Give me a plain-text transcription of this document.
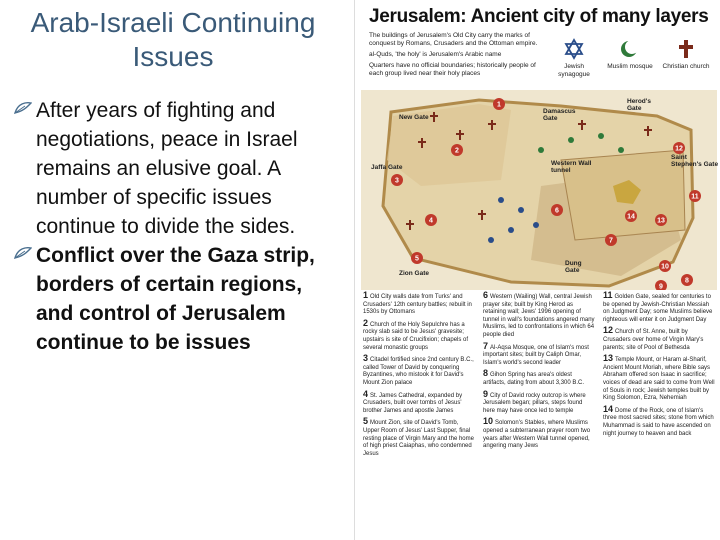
Arab-Israeli Continuing Issues
After years of fighting and negotiations, peace in Israel remains an elusive goal. A number of specific issues continue to divide the sides.
Conflict over the Gaza strip, borders of certain regions, and control of Jerusalem continue to be issues
Jerusalem: Ancient city of many layers
The buildings of Jerusalem's Old City carry the marks of conquest by Romans, Crusaders and the Ottoman empire.
al-Quds, 'the holy' is Jerusalem's Arabic name
Quarters have no official boundaries; historically people of each group lived near their holy places
Jewish synagogue
Muslim mosque	Christian church
1
2
3
4
5
6
7
8
9
10
11
12
13
14
New Gate
Damascus Gate
Herod's Gate
Jaffa Gate
Western Wall tunnel
Saint Stephen's Gate
Dung Gate
Zion Gate
1 Old City walls date from Turks' and Crusaders' 12th century battles; rebuilt in 1530s by Ottomans
2 Church of the Holy Sepulchre has a rocky slab said to be Jesus' gravesite; upstairs is site of Crucifixion; chapels of several monastic groups
3 Citadel fortified since 2nd century B.C., called Tower of David by conquering Byzantines, who mistook it for David's Mount Zion palace
4 St. James Cathedral, expanded by Crusaders, built over tombs of Jesus' brother James and apostle James
5 Mount Zion, site of David's Tomb, Upper Room of Jesus' Last Supper, final resting place of Virgin Mary and the home of high priest Caiaphas, who condemned Jesus
6 Western (Wailing) Wall, central Jewish prayer site; built by King Herod as retaining wall; Jews' 1996 opening of tunnel in wall's foundations angered many Muslims, led to confrontations in which 64 people died
7 Al-Aqsa Mosque, one of Islam's most important sites; built by Caliph Omar, Islam's world's second leader
8 Gihon Spring has area's oldest artifacts, dating from about 3,300 B.C.
9 City of David rocky outcrop is where Jerusalem began; pillars, steps found here may have once led to temple
10 Solomon's Stables, where Muslims opened a subterranean prayer room two years after Western Wall tunnel opened, angering many Jews
11 Golden Gate, sealed for centuries to be opened by Jewish-Christian Messiah on Judgment Day; some Muslims believe righteous will enter it on Judgment Day
12 Church of St. Anne, built by Crusaders over home of Virgin Mary's parents; site of Pool of Bethesda
13 Temple Mount, or Haram al-Sharif, Ancient Mount Moriah, where Bible says Abraham offered son Isaac in sacrifice; voices of dead are said to come from Well of Souls in rock; Jewish temples built by King Solomon, Ezra, Nehemiah
14 Dome of the Rock, one of Islam's three most sacred sites; stone from which Muhammad is said to have ascended on night journey to heaven and back
